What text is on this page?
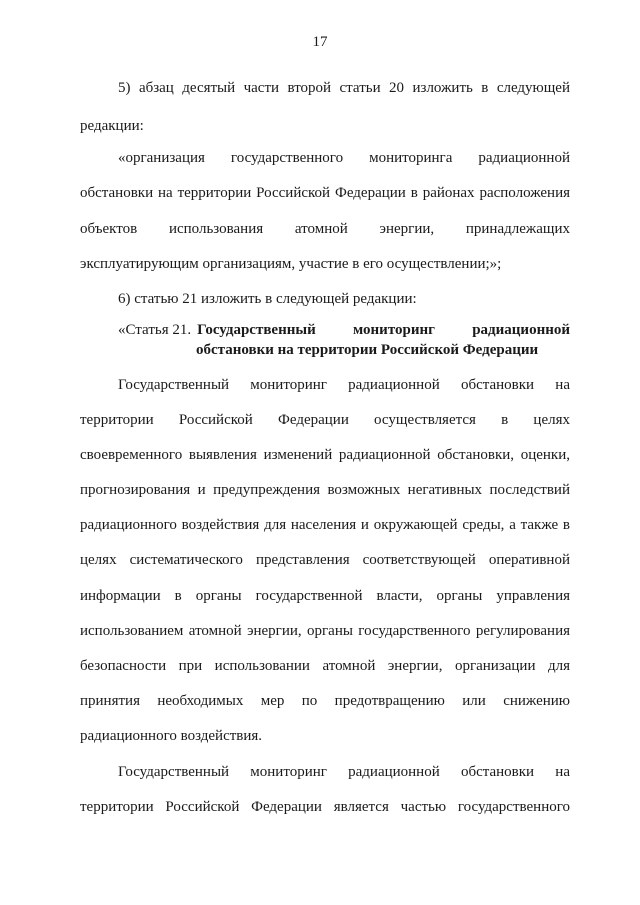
17
5) абзац десятый части второй статьи 20 изложить в следующей
редакции:
«организация государственного мониторинга радиационной
обстановки на территории Российской Федерации в районах расположения
объектов использования атомной энергии, принадлежащих
эксплуатирующим организациям, участие в его осуществлении;»;
6) статью 21 изложить в следующей редакции:
«Статья 21. Государственный мониторинг радиационной
обстановки на территории Российской Федерации
Государственный мониторинг радиационной обстановки на
территории Российской Федерации осуществляется в целях
своевременного выявления изменений радиационной обстановки, оценки,
прогнозирования и предупреждения возможных негативных последствий
радиационного воздействия для населения и окружающей среды, а также в
целях систематического представления соответствующей оперативной
информации в органы государственной власти, органы управления
использованием атомной энергии, органы государственного регулирования
безопасности при использовании атомной энергии, организации для
принятия необходимых мер по предотвращению или снижению
радиационного воздействия.
Государственный мониторинг радиационной обстановки на
территории Российской Федерации является частью государственного
